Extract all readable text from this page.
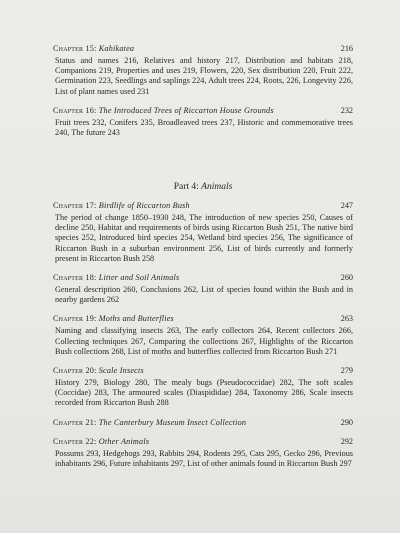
Chapter 15: Kahikatea	216
Status and names 216, Relatives and history 217, Distribution and habitats 218, Companions 219, Properties and uses 219, Flowers, 220, Sex distribution 220, Fruit 222, Germination 223, Seedlings and saplings 224, Adult trees 224, Roots, 226, Longevity 226, List of plant names used 231
Chapter 16: The Introduced Trees of Riccarton House Grounds	232
Fruit trees 232, Conifers 235, Broadleaved trees 237, Historic and commemorative trees 240, The future 243
Part 4: Animals
Chapter 17: Birdlife of Riccarton Bush	247
The period of change 1850–1930 248, The introduction of new species 250, Causes of decline 250, Habitat and requirements of birds using Riccarton Bush 251, The native bird species 252, Introduced bird species 254, Wetland bird species 256, The significance of Riccarton Bush in a suburban environment 256, List of birds currently and formerly present in Riccarton Bush 258
Chapter 18: Litter and Soil Animals	260
General description 260, Conclusions 262, List of species found within the Bush and in nearby gardens 262
Chapter 19: Moths and Butterflies	263
Naming and classifying insects 263, The early collectors 264, Recent collectors 266, Collecting techniques 267, Comparing the collections 267, Highlights of the Riccarton Bush collections 268, List of moths and butterflies collected from Riccarton Bush 271
Chapter 20: Scale Insects	279
History 279, Biology 280, The mealy bugs (Pseudococcidae) 282, The soft scales (Coccidae) 283, The armoured scales (Diaspididae) 284, Taxonomy 286, Scale insects recorded from Riccarton Bush 288
Chapter 21: The Canterbury Museum Insect Collection	290
Chapter 22: Other Animals	292
Possums 293, Hedgehogs 293, Rabbits 294, Rodents 295, Cats 295, Gecko 296, Previous inhabitants 296, Future inhabitants 297, List of other animals found in Riccarton Bush 297
